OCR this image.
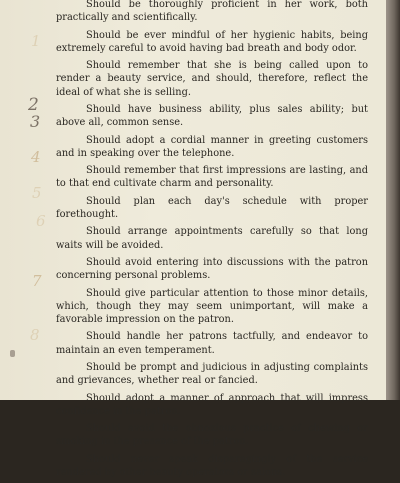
Should be thoroughly proficient in her work, both practically and scientifically.

Should be ever mindful of her hygienic habits, being extremely careful to avoid having bad breath and body odor.

Should remember that she is being called upon to render a beauty service, and should, therefore, reflect the ideal of what she is selling.

Should have business ability, plus sales ability; but above all, common sense.

Should adopt a cordial manner in greeting customers and in speaking over the telephone.

Should remember that first impressions are lasting, and to that end cultivate charm and personality.

Should plan each day's schedule with proper forethought.

Should arrange appointments carefully so that long waits will be avoided.

Should avoid entering into discussions with the patron concerning personal problems.

Should give particular attention to those minor details, which, though they may seem unimportant, will make a favorable impression on the patron.

Should handle her patrons tactfully, and endeavor to maintain an even temperament.

Should be prompt and judicious in adjusting complaints and grievances, whether real or fancied.

Should adopt a manner of approach that will impress confidence in the patron.

Should avoid the obnoxious practice of chewing or smoking in the presence of the patron.

Should never speak disparagingly of the service rendered by other beauty operators or salons.

1
2
3
4
5
6
7
8
